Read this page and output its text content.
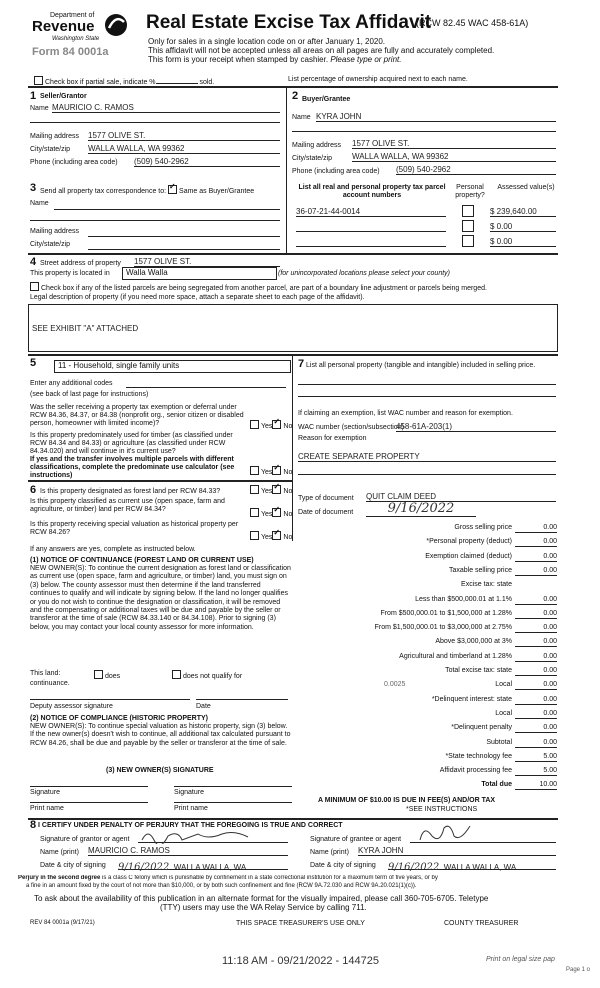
Department of
Revenue
Washington State
Form 84 0001a
Real Estate Excise Tax Affidavit
(RCW 82.45 WAC 458-61A)
Only for sales in a single location code on or after January 1, 2020.
This affidavit will not be accepted unless all areas on all pages are fully and accurately completed.
This form is your receipt when stamped by cashier. Please type or print.
Check box if partial sale, indicate %	sold.	List percentage of ownership acquired next to each name.
1 Seller/Grantor
Name MAURICIO C. RAMOS
Mailing address 1577 OLIVE ST.
City/state/zip WALLA WALLA, WA 99362
Phone (including area code) (509) 540-2962
2 Buyer/Grantee
Name KYRA JOHN
Mailing address 1577 OLIVE ST.
City/state/zip WALLA WALLA, WA 99362
Phone (including area code) (509) 540-2962
3 Send all property tax correspondence to: ✓ Same as Buyer/Grantee
Name
Mailing address
City/state/zip
List all real and personal property tax parcel account numbers
Personal property?
Assessed value(s)
36-07-21-44-0014	$ 239,640.00
$ 0.00
$ 0.00
4 Street address of property 1577 OLIVE ST.
This property is located in	Walla Walla	(for unincorporated locations please select your county)
Check box if any of the listed parcels are being segregated from another parcel, are part of a boundary line adjustment or parcels being merged.
Legal description of property (if you need more space, attach a separate sheet to each page of the affidavit).
SEE EXHIBIT "A" ATTACHED
5	11 - Household, single family units
Enter any additional codes
(see back of last page for instructions)
Was the seller receiving a property tax exemption or deferral under RCW 84.36, 84.37, or 84.38 (nonprofit org., senior citizen or disabled person, homeowner with limited income)?	Yes ✓ No
Is this property predominately used for timber (as classified under RCW 84.34 and 84.33) or agriculture (as classified under RCW 84.34.020) and will continue in it's current use?
If yes and the transfer involves multiple parcels with different classifications, complete the predominate use calculator (see instructions)	Yes ✓ No
7 List all personal property (tangible and intangible) included in selling price.
If claiming an exemption, list WAC number and reason for exemption.
WAC number (section/subsection)
458-61A-203(1)
Reason for exemption
CREATE SEPARATE PROPERTY
6 Is this property designated as forest land per RCW 84.33?	Yes ✓ No
Is this property classified as current use (open space, farm and agriculture, or timber) land per RCW 84.34?
Yes ✓ No
Is this property receiving special valuation as historical property per RCW 84.26?
Yes ✓ No
If any answers are yes, complete as instructed below.
(1) NOTICE OF CONTINUANCE (FOREST LAND OR CURRENT USE)
NEW OWNER(S): To continue the current designation as forest land or classification as current use (open space, farm and agriculture, or timber) land, you must sign on (3) below. The county assessor must then determine if the land transferred continues to qualify and will indicate by signing below. If the land no longer qualifies or you do not wish to continue the designation or classification, it will be removed and the compensating or additional taxes will be due and payable by the seller or transferor at the time of sale (RCW 84.33.140 or 84.34.108). Prior to signing (3) below, you may contact your local county assessor for more information.
This land:	does	does not qualify for
continuance.
Deputy assessor signature	Date
(2) NOTICE OF COMPLIANCE (HISTORIC PROPERTY)
NEW OWNER(S): To continue special valuation as historic property, sign (3) below. If the new owner(s) doesn't wish to continue, all additional tax calculated pursuant to RCW 84.26, shall be due and payable by the seller or transferor at the time of sale.
(3) NEW OWNER(S) SIGNATURE
Signature	Signature
Print name	Print name
Type of document QUIT CLAIM DEED
Date of document	9/16/2022
Gross selling price	0.00
*Personal property (deduct)	0.00
Exemption claimed (deduct)	0.00
Taxable selling price	0.00
Excise tax: state
Less than $500,000.01 at 1.1%	0.00
From $500,000.01 to $1,500,000 at 1.28%	0.00
From $1,500,000.01 to $3,000,000 at 2.75%	0.00
Above $3,000,000 at 3%	0.00
Agricultural and timberland at 1.28%	0.00
Total excise tax: state	0.00
Local	0.00
*Delinquent interest: state	0.00
Local	0.00
*Delinquent penalty	0.00
Subtotal	0.00
*State technology fee	5.00
Affidavit processing fee	5.00
Total due	10.00
0.0025
A MINIMUM OF $10.00 IS DUE IN FEE(S) AND/OR TAX
*SEE INSTRUCTIONS
8 I CERTIFY UNDER PENALTY OF PERJURY THAT THE FOREGOING IS TRUE AND CORRECT
Signature of grantor or agent	Signature of grantee or agent
Name (print) MAURICIO C. RAMOS	Name (print) KYRA JOHN
Date & city of signing 9/16/2022 WALLA WALLA, WA	Date & city of signing 9/16/2022 WALLA WALLA, WA
Perjury in the second degree is a class C felony which is punishable by confinement in a state correctional institution for a maximum term of five years, or by
a fine in an amount fixed by the court of not more than $10,000, or by both such confinement and fine (RCW 9A.72.030 and RCW 9A.20.021(1)(c)).
To ask about the availability of this publication in an alternate format for the visually impaired, please call 360-705-6705. Teletype
(TTY) users may use the WA Relay Service by calling 711.
REV 84 0001a (9/17/21)	THIS SPACE TREASURER'S USE ONLY	COUNTY TREASURER
11:18 AM - 09/21/2022 - 144725	Print on legal size pap
Page 1 o
